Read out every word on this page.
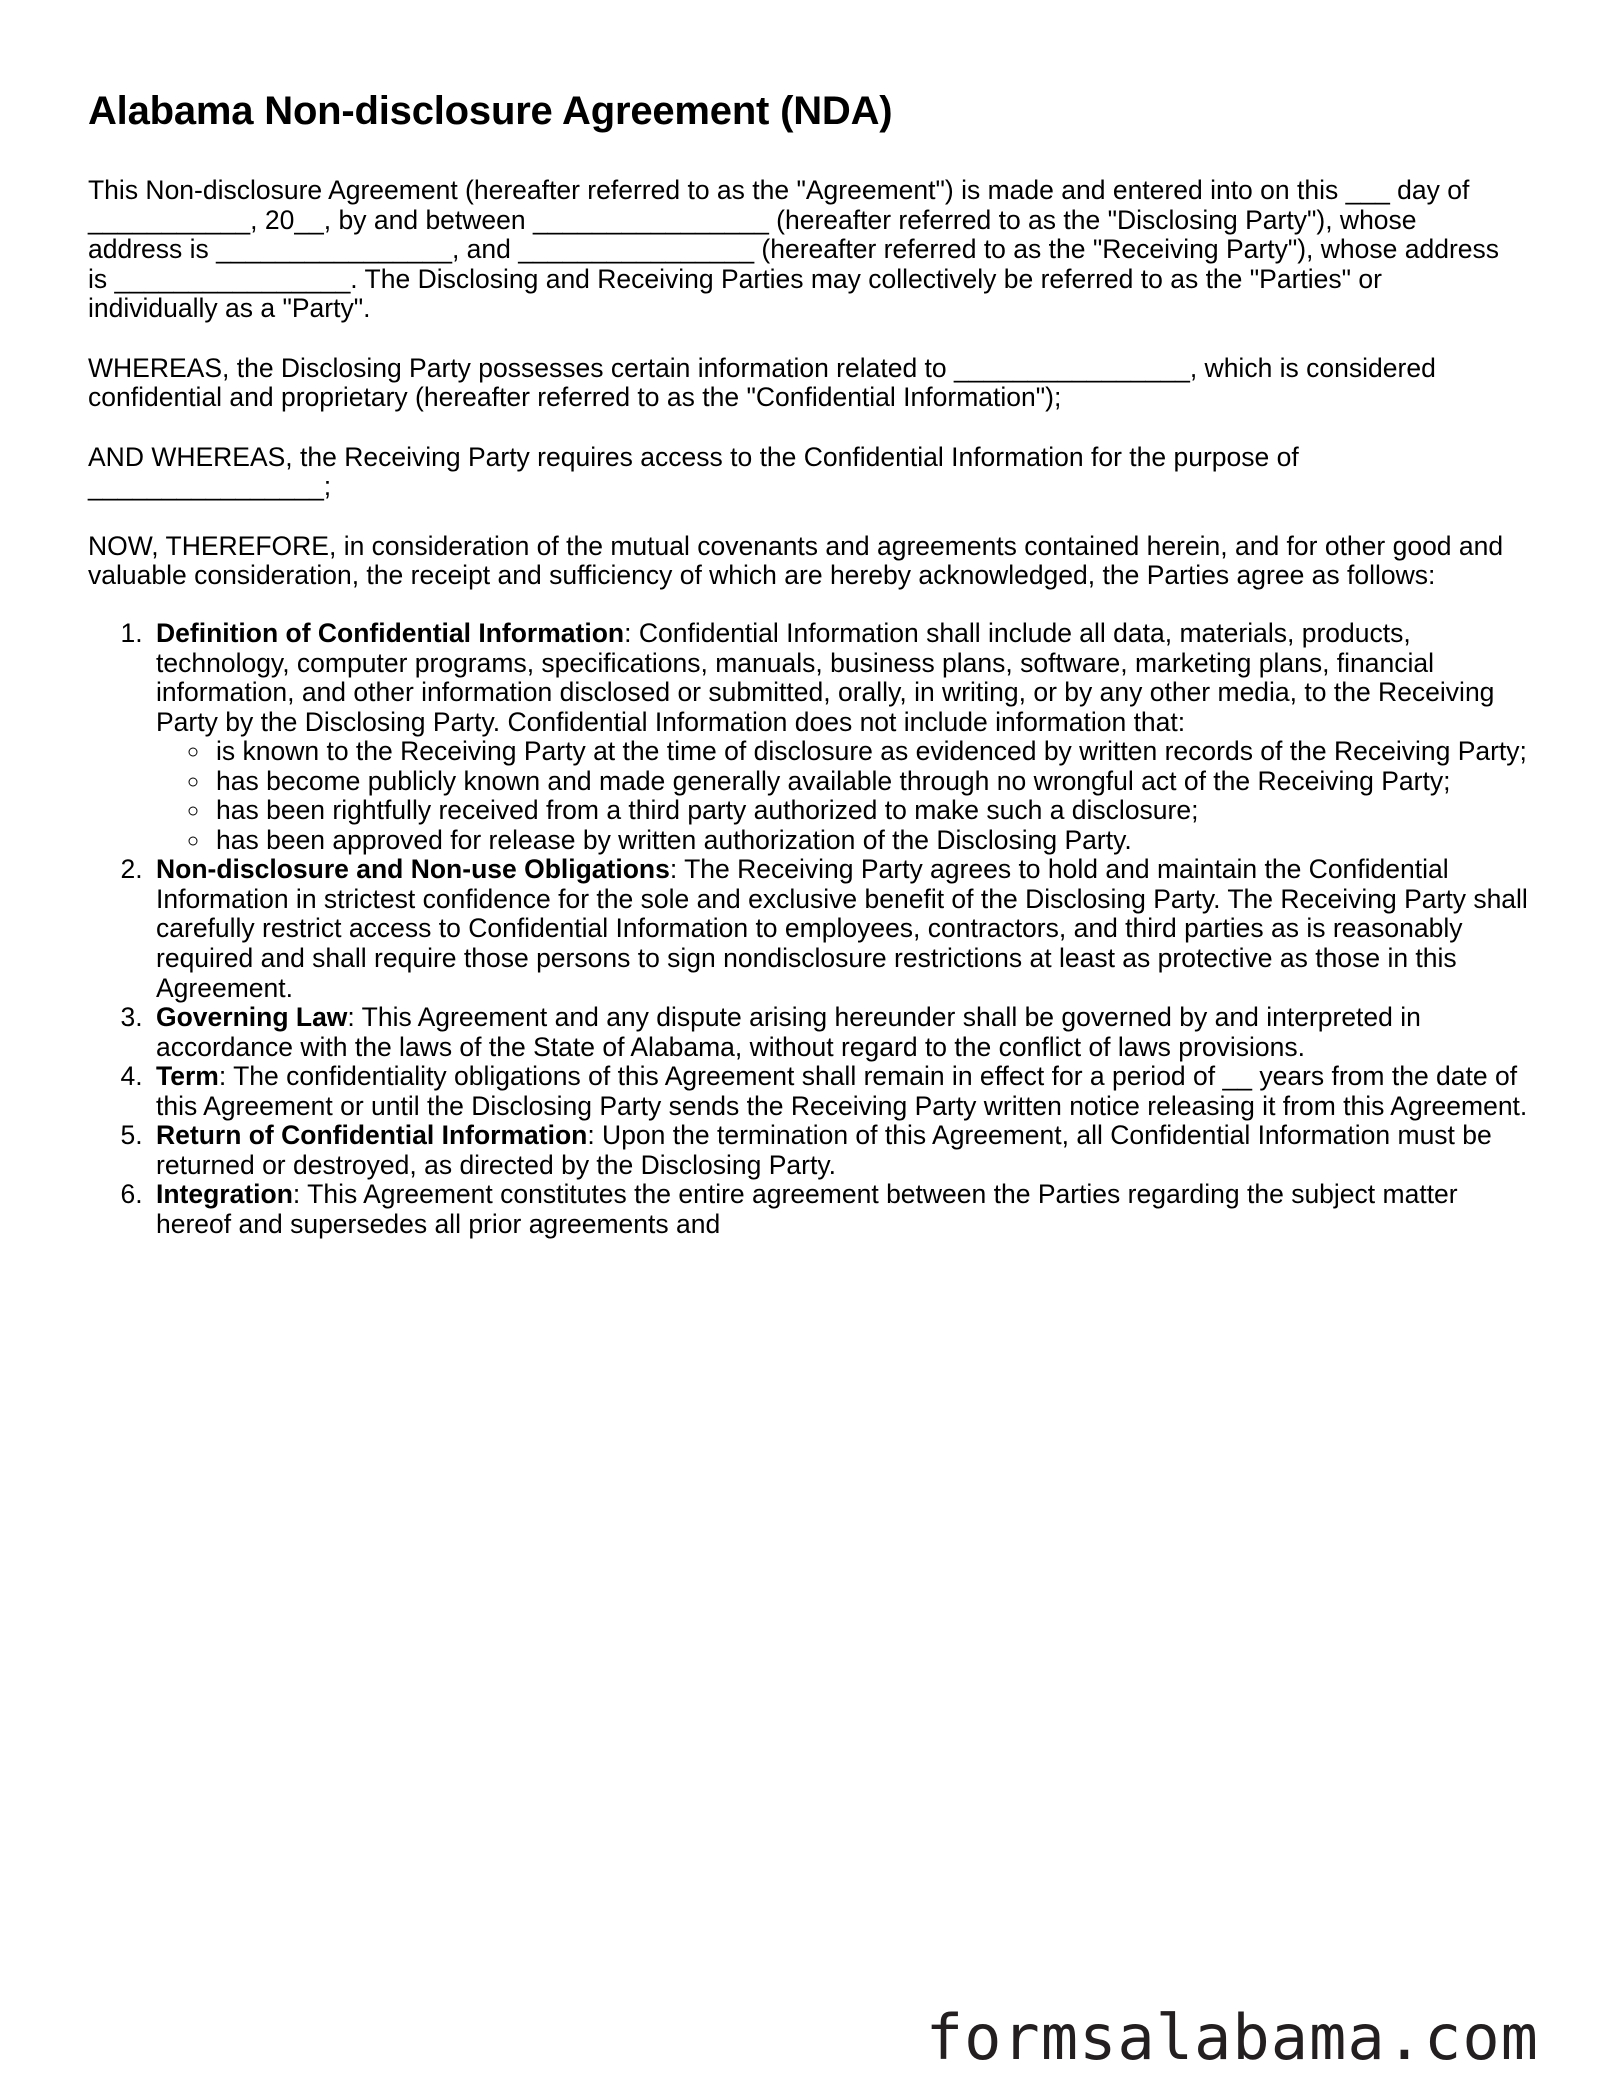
Alabama Non-disclosure Agreement (NDA)

This Non-disclosure Agreement (hereafter referred to as the "Agreement") is made and entered into on this ___ day of ___________, 20__, by and between ________________ (hereafter referred to as the "Disclosing Party"), whose address is ________________, and ________________ (hereafter referred to as the "Receiving Party"), whose address is ________________. The Disclosing and Receiving Parties may collectively be referred to as the "Parties" or individually as a "Party".

WHEREAS, the Disclosing Party possesses certain information related to ________________, which is considered confidential and proprietary (hereafter referred to as the "Confidential Information");

AND WHEREAS, the Receiving Party requires access to the Confidential Information for the purpose of ________________;

NOW, THEREFORE, in consideration of the mutual covenants and agreements contained herein, and for other good and valuable consideration, the receipt and sufficiency of which are hereby acknowledged, the Parties agree as follows:

1. Definition of Confidential Information: Confidential Information shall include all data, materials, products, technology, computer programs, specifications, manuals, business plans, software, marketing plans, financial information, and other information disclosed or submitted, orally, in writing, or by any other media, to the Receiving Party by the Disclosing Party. Confidential Information does not include information that:
◦ is known to the Receiving Party at the time of disclosure as evidenced by written records of the Receiving Party;
◦ has become publicly known and made generally available through no wrongful act of the Receiving Party;
◦ has been rightfully received from a third party authorized to make such a disclosure;
◦ has been approved for release by written authorization of the Disclosing Party.
2. Non-disclosure and Non-use Obligations: The Receiving Party agrees to hold and maintain the Confidential Information in strictest confidence for the sole and exclusive benefit of the Disclosing Party. The Receiving Party shall carefully restrict access to Confidential Information to employees, contractors, and third parties as is reasonably required and shall require those persons to sign nondisclosure restrictions at least as protective as those in this Agreement.
3. Governing Law: This Agreement and any dispute arising hereunder shall be governed by and interpreted in accordance with the laws of the State of Alabama, without regard to the conflict of laws provisions.
4. Term: The confidentiality obligations of this Agreement shall remain in effect for a period of __ years from the date of this Agreement or until the Disclosing Party sends the Receiving Party written notice releasing it from this Agreement.
5. Return of Confidential Information: Upon the termination of this Agreement, all Confidential Information must be returned or destroyed, as directed by the Disclosing Party.
6. Integration: This Agreement constitutes the entire agreement between the Parties regarding the subject matter hereof and supersedes all prior agreements and
formsalabama.com
